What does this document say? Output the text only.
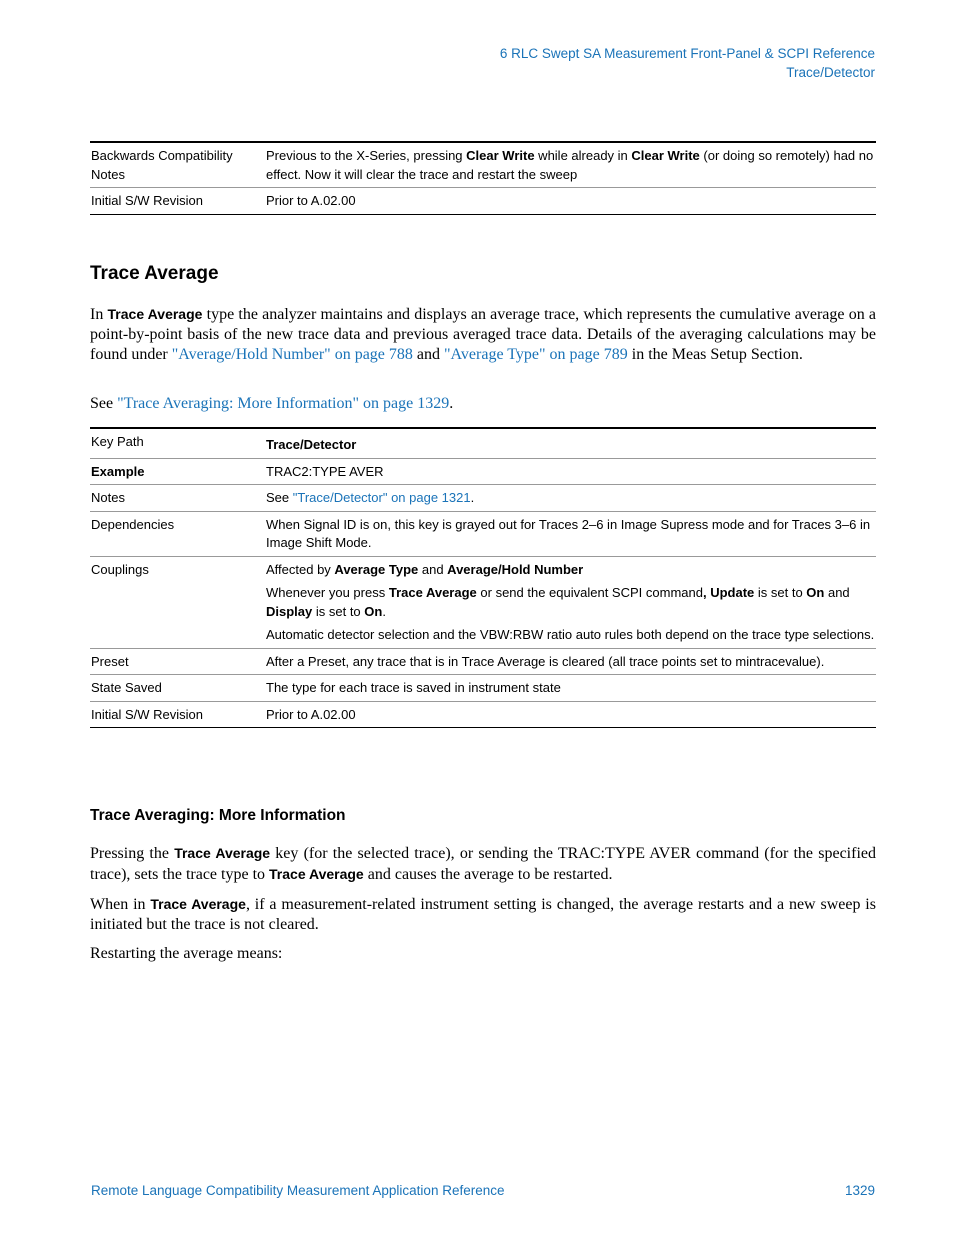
6 RLC Swept SA Measurement Front-Panel & SCPI Reference
Trace/Detector
Backwards Compatibility Notes	Previous to the X-Series, pressing Clear Write while already in Clear Write (or doing so remotely) had no effect. Now it will clear the trace and restart the sweep
Initial S/W Revision	Prior to A.02.00
Trace Average

In Trace Average type the analyzer maintains and displays an average trace, which represents the cumulative average on a point-by-point basis of the new trace data and previous averaged trace data. Details of the averaging calculations may be found under "Average/Hold Number" on page 788 and "Average Type" on page 789 in the Meas Setup Section.

See "Trace Averaging: More Information" on page 1329.

Key Path	Trace/Detector
Example	TRAC2:TYPE AVER
Notes	See "Trace/Detector" on page 1321.
Dependencies	When Signal ID is on, this key is grayed out for Traces 2–6 in Image Supress mode and for Traces 3–6 in Image Shift Mode.
Couplings	Affected by Average Type and Average/Hold Number

Whenever you press Trace Average or send the equivalent SCPI command, Update is set to On and Display is set to On.

Automatic detector selection and the VBW:RBW ratio auto rules both depend on the trace type selections.

Preset	After a Preset, any trace that is in Trace Average is cleared (all trace points set to mintracevalue).
State Saved	The type for each trace is saved in instrument state
Initial S/W Revision	Prior to A.02.00
Trace Averaging: More Information

Pressing the Trace Average key (for the selected trace), or sending the TRAC:TYPE AVER command (for the specified trace), sets the trace type to Trace Average and causes the average to be restarted.

When in Trace Average, if a measurement-related instrument setting is changed, the average restarts and a new sweep is initiated but the trace is not cleared.

Restarting the average means:

Remote Language Compatibility Measurement Application Reference	1329
